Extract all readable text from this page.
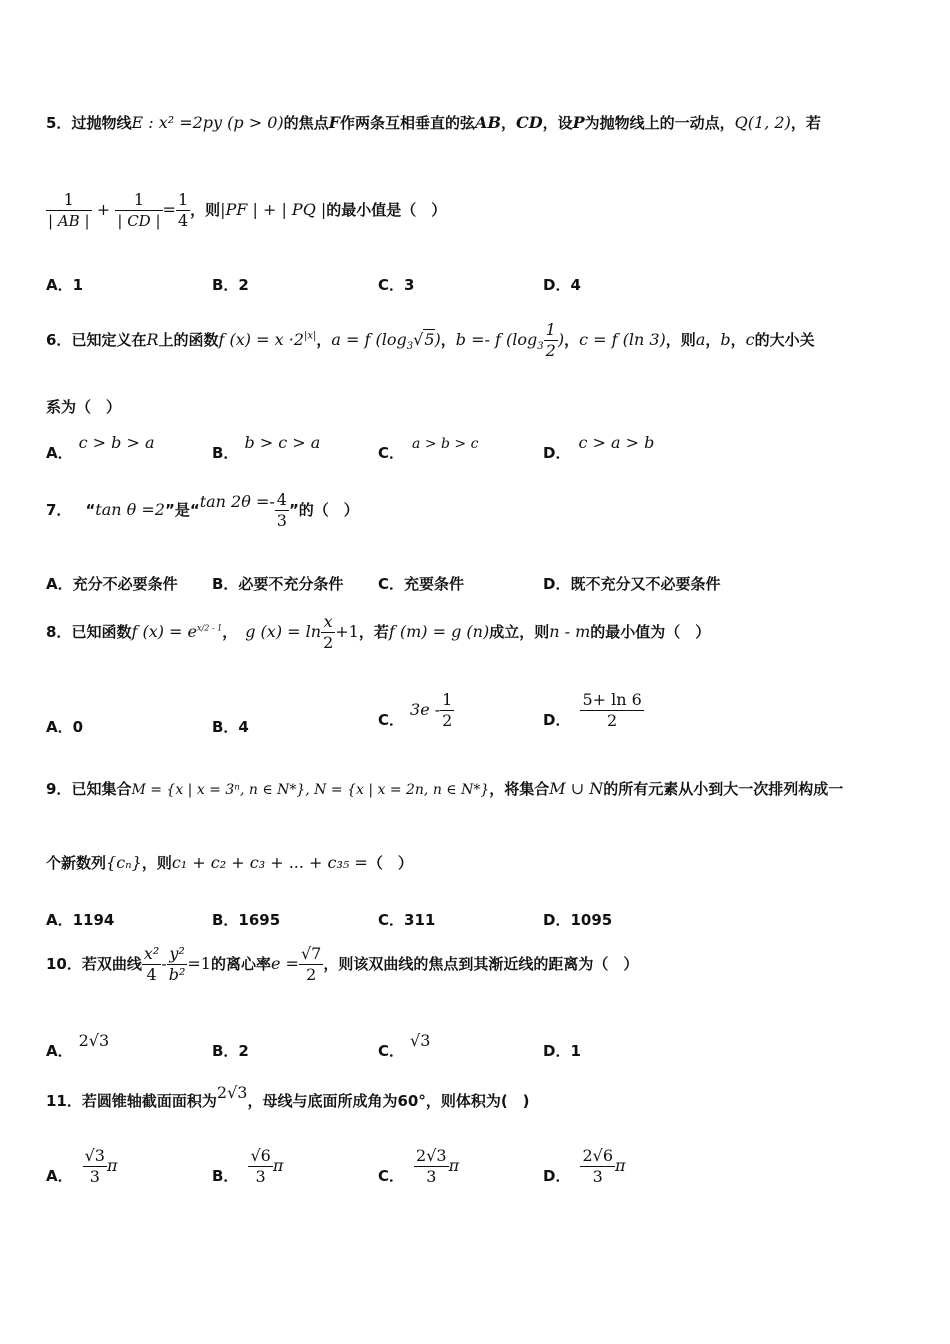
5．过抛物线E : x² =2py (p > 0)的焦点F作两条互相垂直的弦AB，CD，设P为抛物线上的一动点，Q(1, 2)，若
$\frac{1}{| AB |} + \frac{1}{| CD |} = \frac{1}{4}$ ，则|PF | + | PQ |的最小值是（　）
A．1	B．2	C．3	D．4
6．已知定义在R上的函数f $(x) = x \cdot 2^{|x|}$，a = f $(\log_3√5)$，b =- f ($\log_3 \frac{1}{2}$ )，c = f (ln 3)，则a，b，c的大小关
系为（　）
A．c > b > a
B．b > c > a
C． a > b > c	D．c > a > b
7． “tan θ =2”是“tan $2\theta =- \frac{4}{3}$ ”的（　）
A．充分不必要条件 B．必要不充分条件 C．充要条件	D．既不充分又不必要条件
8．已知函数f $(x) = e^{x/2 - 1}$， g $(x) = \ln \frac{x}{2} +1$，若f (m) = g (n)成立，则n - m的最小值为（　）
A．0	B．4	C．$3e - \frac{1}{2}$	D． $\frac{5+ \ln 6}{2}$
9．已知集合M = {x | x = 3ⁿ, n ∈ N*}, N = {x | x = 2n, n ∈ N*}，将集合M ∪ N的所有元素从小到大一次排列构成一
个新数列{cₙ}，则c₁ + c₂ + c₃ + ... + c₃₅ =（　）
A．1194	B．1695	C．311	D．1095
10．若双曲线 $\frac{\text{x²}}{4} - \frac{\text{y²}}{\text{b²}} =1$的离心率$e = \frac{√7}{2}$ ，则该双曲线的焦点到其渐近线的距离为（　）
A．2√3
B．2	C．√3
D．1
11．若圆锥轴截面面积为2√3，母线与底面所成角为60°，则体积为(　)
A． $\frac{√3}{3}$ π
B． $\frac{√6}{3}$ π
C． $\frac{2√3}{3}$ π
D． $\frac{2√6}{3}$ π
